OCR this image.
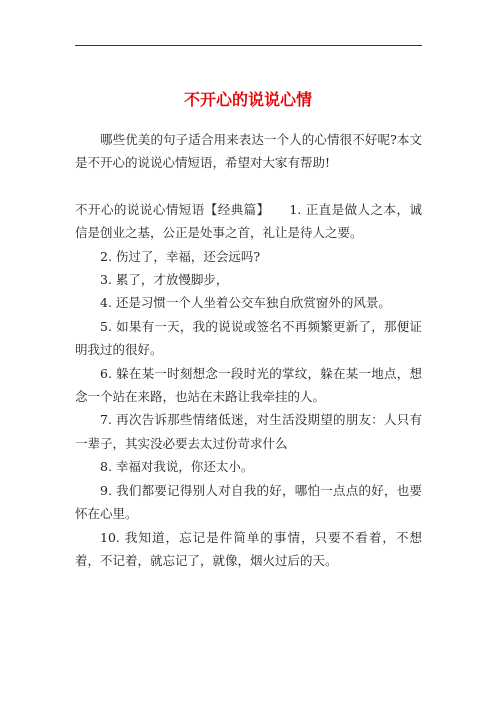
不开心的说说心情

哪些优美的句子适合用来表达一个人的心情很不好呢?本文是不开心的说说心情短语，希望对大家有帮助!

不开心的说说心情短语【经典篇】　　1. 正直是做人之本，诚信是创业之基，公正是处事之首，礼让是待人之要。

2. 伤过了，幸福，还会远吗?

3. 累了，才放慢脚步，

4. 还是习惯一个人坐着公交车独自欣赏窗外的风景。

5. 如果有一天，我的说说或签名不再频繁更新了，那便证明我过的很好。

6. 躲在某一时刻想念一段时光的掌纹，躲在某一地点，想念一个站在来路，也站在未路让我牵挂的人。

7. 再次告诉那些情绪低迷，对生活没期望的朋友：人只有一辈子，其实没必要去太过份苛求什么

8. 幸福对我说，你还太小。

9. 我们都要记得别人对自我的好，哪怕一点点的好，也要怀在心里。

10. 我知道，忘记是件简单的事情，只要不看着，不想着，不记着，就忘记了，就像，烟火过后的天。
